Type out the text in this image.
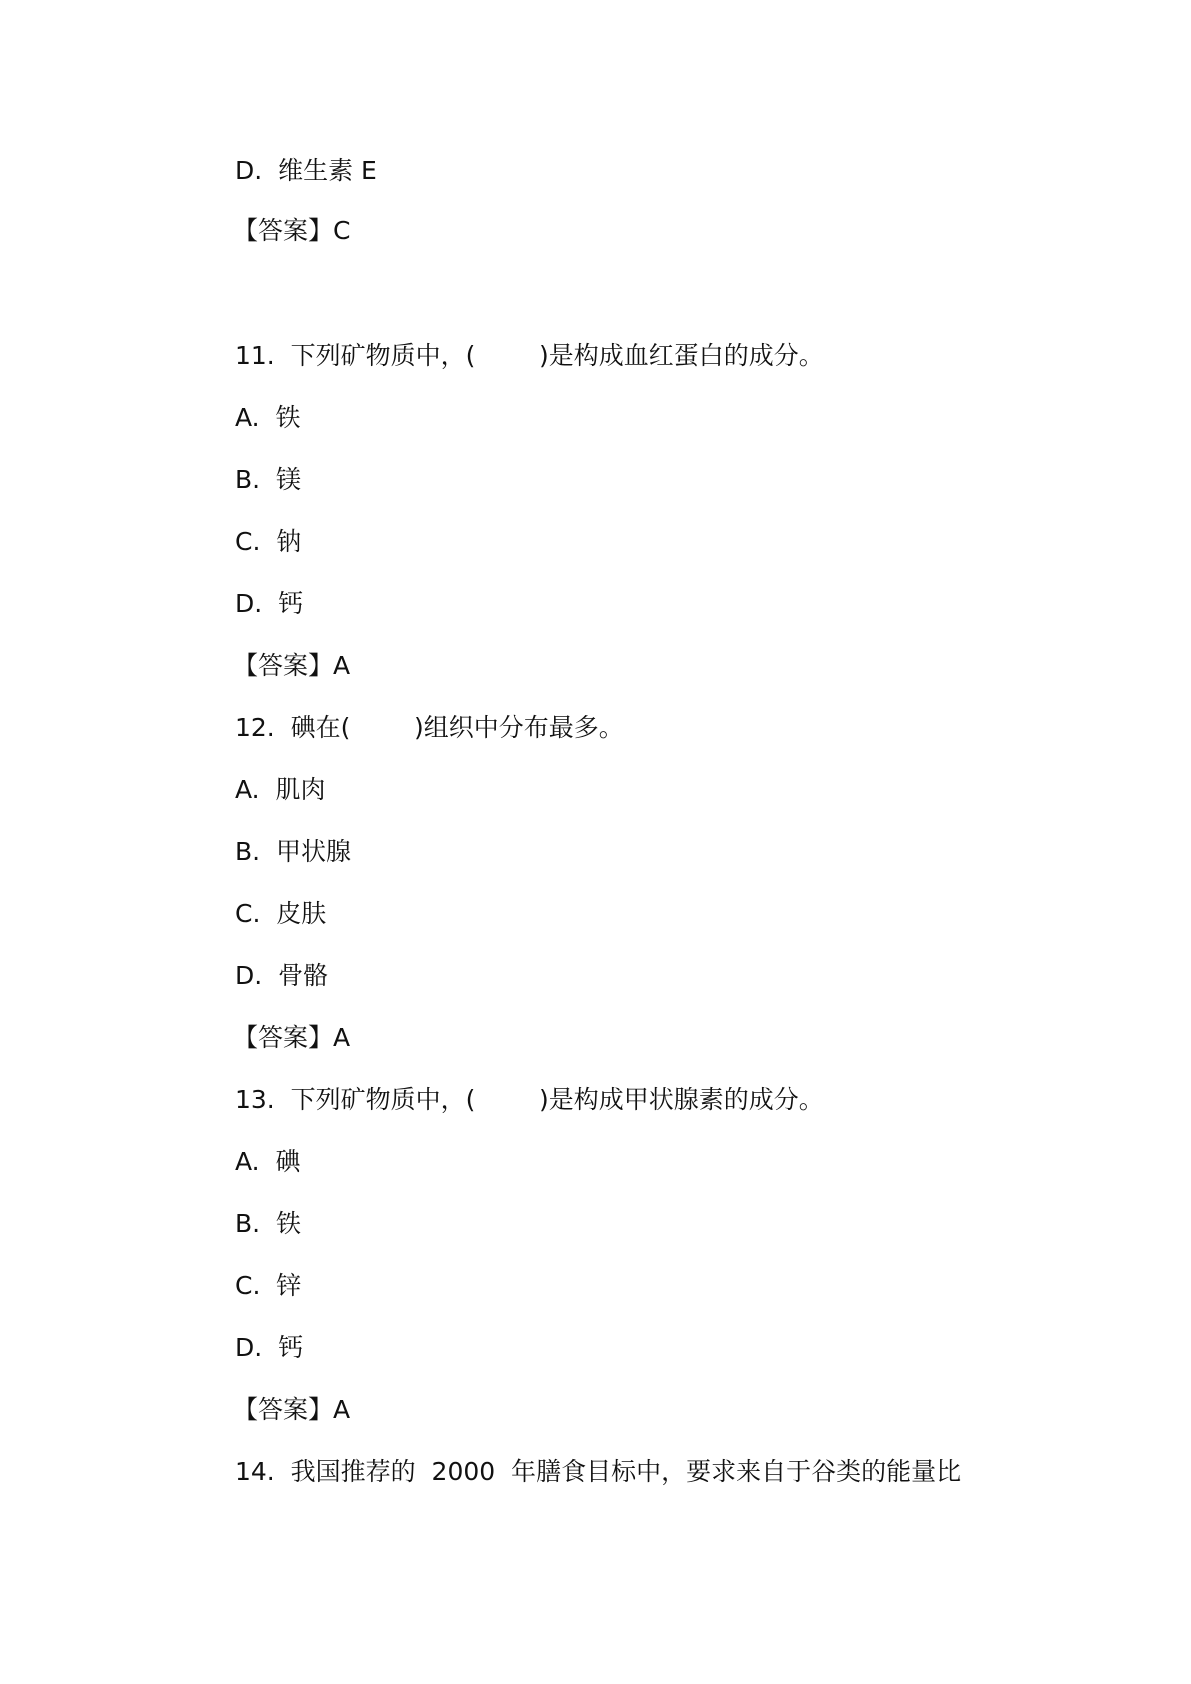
D.  维生素 E
【答案】C
11.  下列矿物质中，(        )是构成血红蛋白的成分。
A.  铁
B.  镁
C.  钠
D.  钙
【答案】A
12.  碘在(        )组织中分布最多。
A.  肌肉
B.  甲状腺
C.  皮肤
D.  骨骼
【答案】A
13.  下列矿物质中，(        )是构成甲状腺素的成分。
A.  碘
B.  铁
C.  锌
D.  钙
【答案】A
14.  我国推荐的  2000  年膳食目标中，要求来自于谷类的能量比
